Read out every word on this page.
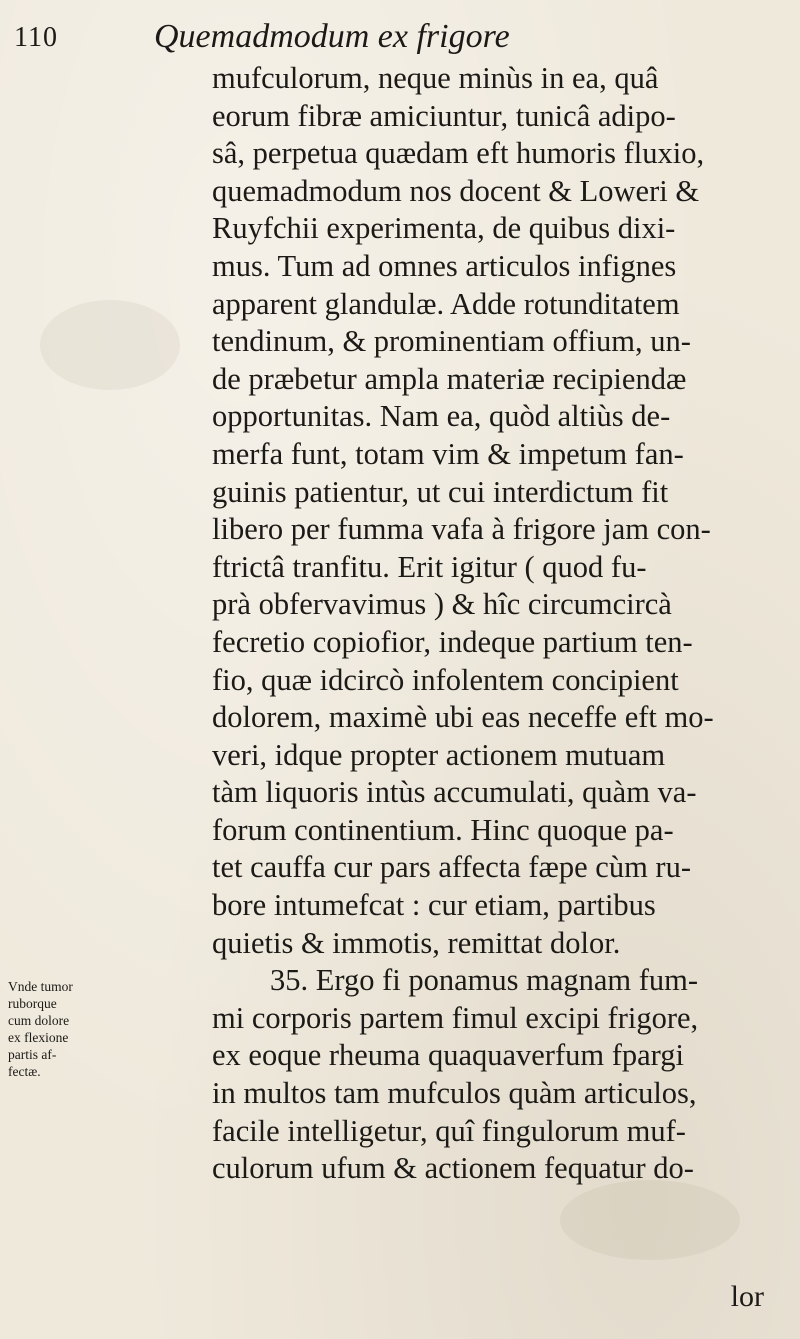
110	Quemadmodum ex frigore
Vnde tumor
ruborque
cum dolore
ex flexione
partis af-
fectæ.
mufculorum, neque minùs in ea, quâ
eorum fibræ amiciuntur, tunicâ adipo-
sâ, perpetua quædam eft humoris fluxio,
quemadmodum nos docent & Loweri &
Ruyfchii experimenta, de quibus dixi-
mus. Tum ad omnes articulos infignes
apparent glandulæ. Adde rotunditatem
tendinum, & prominentiam offium, un-
de præbetur ampla materiæ recipiendæ
opportunitas. Nam ea, quòd altiùs de-
merfa funt, totam vim & impetum fan-
guinis patientur, ut cui interdictum fit
libero per fumma vafa à frigore jam con-
ftrictâ tranfitu. Erit igitur ( quod fu-
prà obfervavimus ) & hîc circumcircà
fecretio copiofior, indeque partium ten-
fio, quæ idcircò infolentem concipient
dolorem, maximè ubi eas neceffe eft mo-
veri, idque propter actionem mutuam
tàm liquoris intùs accumulati, quàm va-
forum continentium. Hinc quoque pa-
tet cauffa cur pars affecta fæpe cùm ru-
bore intumefcat : cur etiam, partibus
quietis & immotis, remittat dolor.
35. Ergo fi ponamus magnam fum-
mi corporis partem fimul excipi frigore,
ex eoque rheuma quaquaverfum fpargi
in multos tam mufculos quàm articulos,
facile intelligetur, quî fingulorum muf-
culorum ufum & actionem fequatur do-
lor
